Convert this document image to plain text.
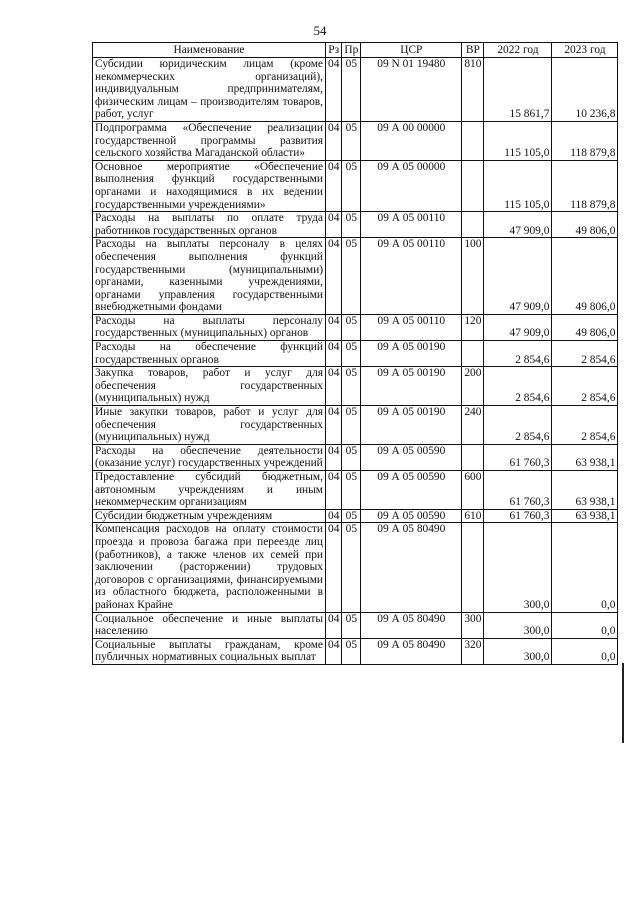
54
Наименование	Рз	Пр	ЦСР	ВР	2022 год	2023 год
Субсидии юридическим лицам (кроме некоммерческих организаций), индивидуальным предпринимателям, физическим лицам – производителям товаров, работ, услуг	04	05	09 N 01 19480	810	15 861,7	10 236,8
Подпрограмма «Обеспечение реализации государственной программы развития сельского хозяйства Магаданской области»	04	05	09 А 00 00000		115 105,0	118 879,8
Основное мероприятие «Обеспечение выполнения функций государственными органами и находящимися в их ведении государственными учреждениями»	04	05	09 А 05 00000		115 105,0	118 879,8
Расходы на выплаты по оплате труда работников государственных органов	04	05	09 А 05 00110		47 909,0	49 806,0
Расходы на выплаты персоналу в целях обеспечения выполнения функций государственными (муниципальными) органами, казенными учреждениями, органами управления государственными внебюджетными фондами	04	05	09 А 05 00110	100	47 909,0	49 806,0
Расходы на выплаты персоналу государственных (муниципальных) органов	04	05	09 А 05 00110	120	47 909,0	49 806,0
Расходы на обеспечение функций государственных органов	04	05	09 А 05 00190		2 854,6	2 854,6
Закупка товаров, работ и услуг для обеспечения государственных (муниципальных) нужд	04	05	09 А 05 00190	200	2 854,6	2 854,6
Иные закупки товаров, работ и услуг для обеспечения государственных (муниципальных) нужд	04	05	09 А 05 00190	240	2 854,6	2 854,6
Расходы на обеспечение деятельности (оказание услуг) государственных учреждений	04	05	09 А 05 00590		61 760,3	63 938,1
Предоставление субсидий бюджетным, автономным учреждениям и иным некоммерческим организациям	04	05	09 А 05 00590	600	61 760,3	63 938,1
Субсидии бюджетным учреждениям	04	05	09 А 05 00590	610	61 760,3	63 938,1
Компенсация расходов на оплату стоимости проезда и провоза багажа при переезде лиц (работников), а также членов их семей при заключении (расторжении) трудовых договоров с организациями, финансируемыми из областного бюджета, расположенными в районах Крайне	04	05	09 А 05 80490		300,0	0,0
Социальное обеспечение и иные выплаты населению	04	05	09 А 05 80490	300	300,0	0,0
Социальные выплаты гражданам, кроме публичных нормативных социальных выплат	04	05	09 А 05 80490	320	300,0	0,0
